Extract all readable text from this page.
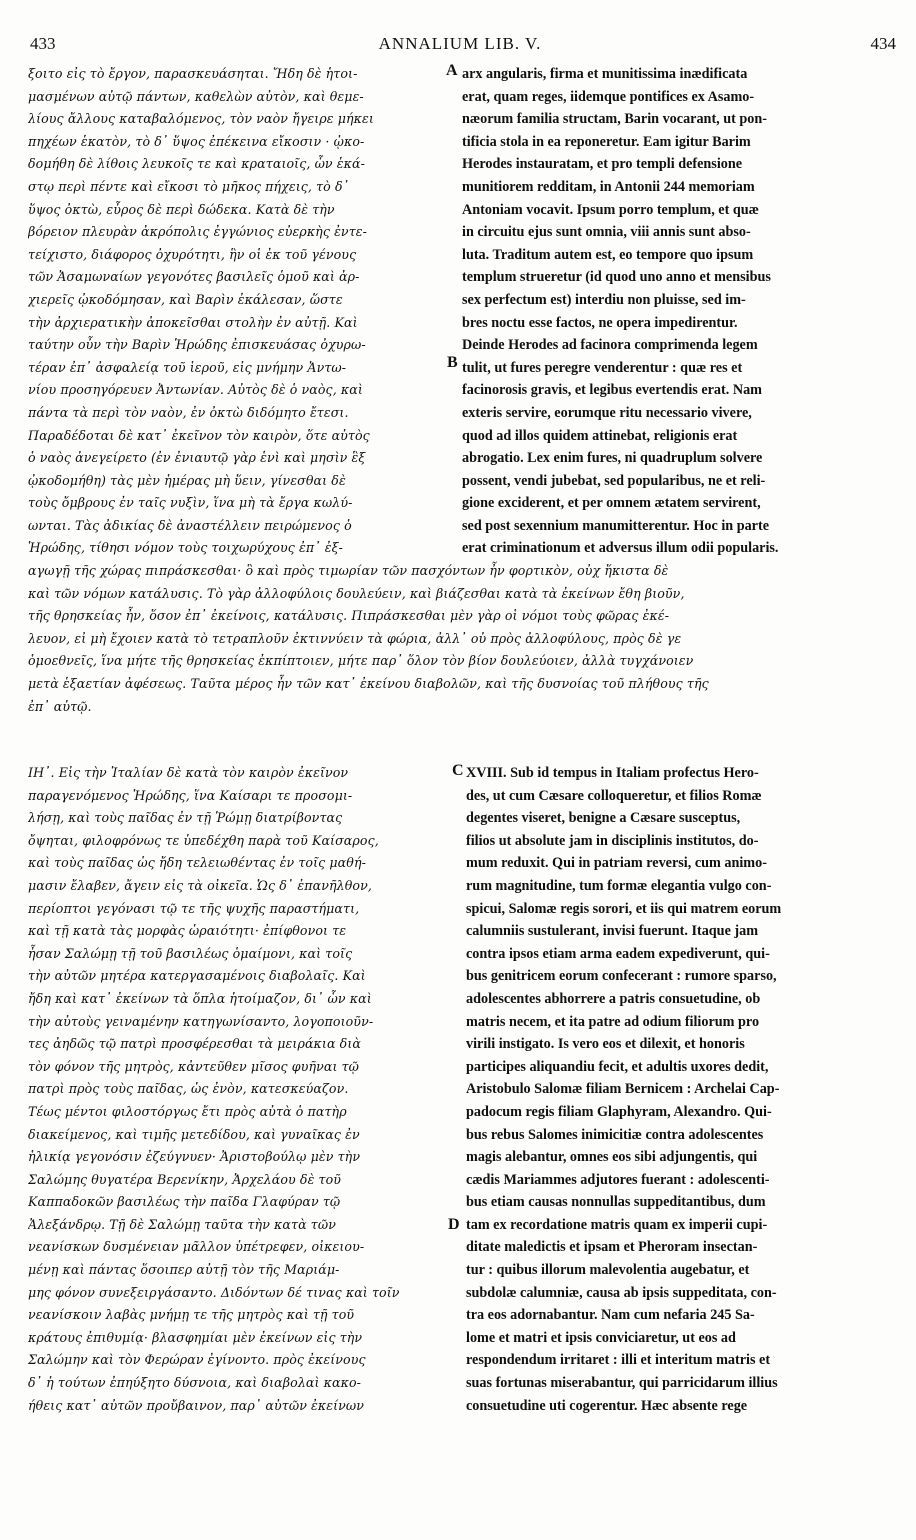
433	ANNALIUM LIB. V.	434
ξοιτο εἰς τὸ ἔργον, παρασκευάσηται. Ἤδη δὲ ἡτοι-
μασμένων αὐτῷ πάντων, καθελὼν αὐτὸν, καὶ θεμε-
λίους ἄλλους καταβαλόμενος, τὸν ναὸν ἤγειρε μήκει
πηχέων ἑκατὸν, τὸ δ᾽ ὕψος ἐπέκεινα εἴκοσιν · ᾠκο-
δομήθη δὲ λίθοις λευκοῖς τε καὶ κραταιοῖς, ὧν ἑκά-
στῳ περὶ πέντε καὶ εἴκοσι τὸ μῆκος πήχεις, τὸ δ᾽
ὕψος ὀκτὼ, εὖρος δὲ περὶ δώδεκα. Κατὰ δὲ τὴν
βόρειον πλευρὰν ἀκρόπολις ἐγγώνιος εὐερκὴς ἐντε-
τείχιστο, διάφορος ὀχυρότητι, ἣν οἱ ἐκ τοῦ γένους
τῶν Ἀσαμωναίων γεγονότες βασιλεῖς ὁμοῦ καὶ ἀρ-
χιερεῖς ᾠκοδόμησαν, καὶ Βαρὶν ἐκάλεσαν, ὥστε
τὴν ἀρχιερατικὴν ἀποκεῖσθαι στολὴν ἐν αὐτῇ. Καὶ
ταύτην οὖν τὴν Βαρὶν Ἡρώδης ἐπισκευάσας ὀχυρω-
τέραν ἐπ᾽ ἀσφαλείᾳ τοῦ ἱεροῦ, εἰς μνήμην Ἀντω-
νίου προσηγόρευεν Ἀντωνίαν. Αὐτὸς δὲ ὁ ναὸς, καὶ
πάντα τὰ περὶ τὸν ναὸν, ἐν ὀκτὼ διδόμητο ἔτεσι.
Παραδέδοται δὲ κατ᾽ ἐκεῖνον τὸν καιρὸν, ὅτε αὐτὸς
ὁ ναὸς ἀνεγείρετο (ἐν ἐνιαυτῷ γὰρ ἑνὶ καὶ μησὶν ἓξ
ᾠκοδομήθη) τὰς μὲν ἡμέρας μὴ ὕειν, γίνεσθαι δὲ
τοὺς ὄμβρους ἐν ταῖς νυξὶν, ἵνα μὴ τὰ ἔργα κωλύ-
ωνται. Τὰς ἀδικίας δὲ ἀναστέλλειν πειρώμενος ὁ
Ἡρώδης, τίθησι νόμον τοὺς τοιχωρύχους ἐπ᾽ ἐξ-
arx angularis, firma et munitissima inædificata
erat, quam reges, iidemque pontifices ex Asamo-
næorum familia structam, Barin vocarant, ut pon-
tificia stola in ea reponeretur. Eam igitur Barim
Herodes instauratam, et pro templi defensione
munitiorem redditam, in Antonii 244 memoriam
Antoniam vocavit. Ipsum porro templum, et quæ
in circuitu ejus sunt omnia, viii annis sunt abso-
luta. Traditum autem est, eo tempore quo ipsum
templum strueretur (id quod uno anno et mensibus
sex perfectum est) interdiu non pluisse, sed im-
bres noctu esse factos, ne opera impedirentur.
Deinde Herodes ad facinora comprimenda legem
tulit, ut fures peregre venderentur : quæ res et
facinorosis gravis, et legibus evertendis erat. Nam
exteris servire, eorumque ritu necessario vivere,
quod ad illos quidem attinebat, religionis erat
abrogatio. Lex enim fures, ni quadruplum solvere
possent, vendi jubebat, sed popularibus, ne et reli-
gione exciderent, et per omnem ætatem servirent,
sed post sexennium manumitterentur. Hoc in parte
erat criminationum et adversus illum odii popularis.
αγωγῇ τῆς χώρας πιπράσκεσθαι· ὃ καὶ πρὸς τιμωρίαν τῶν πασχόντων ἦν φορτικὸν, οὐχ ἥκιστα δὲ
καὶ τῶν νόμων κατάλυσις. Τὸ γὰρ ἀλλοφύλοις δουλεύειν, καὶ βιάζεσθαι κατὰ τὰ ἐκείνων ἔθη βιοῦν,
τῆς θρησκείας ἦν, ὅσον ἐπ᾽ ἐκείνοις, κατάλυσις. Πιπράσκεσθαι μὲν γὰρ οἱ νόμοι τοὺς φῶρας ἐκέ-
λευον, εἰ μὴ ἔχοιεν κατὰ τὸ τετραπλοῦν ἐκτιννύειν τὰ φώρια, ἀλλ᾽ οὐ πρὸς ἀλλοφύλους, πρὸς δὲ γε
ὁμοεθνεῖς, ἵνα μήτε τῆς θρησκείας ἐκπίπτοιεν, μήτε παρ᾽ ὅλον τὸν βίον δουλεύοιεν, ἀλλὰ τυγχάνοιεν
μετὰ ἑξαετίαν ἀφέσεως. Ταῦτα μέρος ἦν τῶν κατ᾽ ἐκείνου διαβολῶν, καὶ τῆς δυσνοίας τοῦ πλήθους τῆς
ἐπ᾽ αὐτῷ.
ΙΗ᾽. Εἰς τὴν Ἰταλίαν δὲ κατὰ τὸν καιρὸν ἐκεῖνον
παραγενόμενος Ἡρώδης, ἵνα Καίσαρι τε προσομι-
λήσῃ, καὶ τοὺς παῖδας ἐν τῇ Ῥώμῃ διατρίβοντας
ὄψηται, φιλοφρόνως τε ὑπεδέχθη παρὰ τοῦ Καίσαρος,
καὶ τοὺς παῖδας ὡς ἤδη τελειωθέντας ἐν τοῖς μαθή-
μασιν ἔλαβεν, ἄγειν εἰς τὰ οἰκεῖα. Ὡς δ᾽ ἐπανῆλθον,
περίοπτοι γεγόνασι τῷ τε τῆς ψυχῆς παραστήματι,
καὶ τῇ κατὰ τὰς μορφὰς ὡραιότητι· ἐπίφθονοι τε
ἦσαν Σαλώμῃ τῇ τοῦ βασιλέως ὁμαίμονι, καὶ τοῖς
τὴν αὐτῶν μητέρα κατεργασαμένοις διαβολαῖς. Καὶ
ἤδη καὶ κατ᾽ ἐκείνων τὰ ὅπλα ἡτοίμαζον, δι᾽ ὧν καὶ
τὴν αὐτοὺς γειναμένην κατηγωνίσαντο, λογοποιοῦν-
τες ἀηδῶς τῷ πατρὶ προσφέρεσθαι τὰ μειράκια διὰ
τὸν φόνον τῆς μητρὸς, κἀντεῦθεν μῖσος φυῆναι τῷ
πατρὶ πρὸς τοὺς παῖδας, ὡς ἐνὸν, κατεσκεύαζον.
Τέως μέντοι φιλοστόργως ἔτι πρὸς αὐτὰ ὁ πατὴρ
διακείμενος, καὶ τιμῆς μετεδίδου, καὶ γυναῖκας ἐν
ἡλικίᾳ γεγονόσιν ἐζεύγνυεν· Ἀριστοβούλῳ μὲν τὴν
Σαλώμης θυγατέρα Βερενίκην, Ἀρχελάου δὲ τοῦ
Καππαδοκῶν βασιλέως τὴν παῖδα Γλαφύραν τῷ
Ἀλεξάνδρῳ. Τῇ δὲ Σαλώμῃ ταῦτα τὴν κατὰ τῶν
νεανίσκων δυσμένειαν μᾶλλον ὑπέτρεφεν, οἰκειου-
μένῃ καὶ πάντας ὅσοιπερ αὐτῇ τὸν τῆς Μαριάμ-
μης φόνον συνεξειργάσαντο. Διδόντων δέ τινας καὶ τοῖν
νεανίσκοιν λαβὰς μνήμῃ τε τῆς μητρὸς καὶ τῇ τοῦ
κράτους ἐπιθυμίᾳ· βλασφημίαι μὲν ἐκείνων εἰς τὴν
Σαλώμην καὶ τὸν Φερώραν ἐγίνοντο. πρὸς ἐκείνους
δ᾽ ἡ τούτων ἐπηύξητο δύσνοια, καὶ διαβολαὶ κακο-
ήθεις κατ᾽ αὐτῶν προὔβαινον, παρ᾽ αὐτῶν ἐκείνων
XVIII. Sub id tempus in Italiam profectus Hero-
des, ut cum Cæsare colloqueretur, et filios Romæ
degentes viseret, benigne a Cæsare susceptus,
filios ut absolute jam in disciplinis institutos, do-
mum reduxit. Qui in patriam reversi, cum animo-
rum magnitudine, tum formæ elegantia vulgo con-
spicui, Salomæ regis sorori, et iis qui matrem eorum
calumniis sustulerant, invisi fuerunt. Itaque jam
contra ipsos etiam arma eadem expediverunt, qui-
bus genitricem eorum confecerant : rumore sparso,
adolescentes abhorrere a patris consuetudine, ob
matris necem, et ita patre ad odium filiorum pro
virili instigato. Is vero eos et dilexit, et honoris
participes aliquandiu fecit, et adultis uxores dedit,
Aristobulo Salomæ filiam Bernicem : Archelai Cap-
padocum regis filiam Glaphyram, Alexandro. Qui-
bus rebus Salomes inimicitiæ contra adolescentes
magis alebantur, omnes eos sibi adjungentis, qui
cædis Mariammes adjutores fuerant : adolescenti-
bus etiam causas nonnullas suppeditantibus, dum
tam ex recordatione matris quam ex imperii cupi-
ditate maledictis et ipsam et Pheroram insectan-
tur : quibus illorum malevolentia augebatur, et
subdolæ calumniæ, causa ab ipsis suppeditata, con-
tra eos adornabantur. Nam cum nefaria 245 Sa-
lome et matri et ipsis conviciaretur, ut eos ad
respondendum irritaret : illi et interitum matris et
suas fortunas miserabantur, qui parricidarum illius
consuetudine uti cogerentur. Hæc absente rege
A
B
C
D
